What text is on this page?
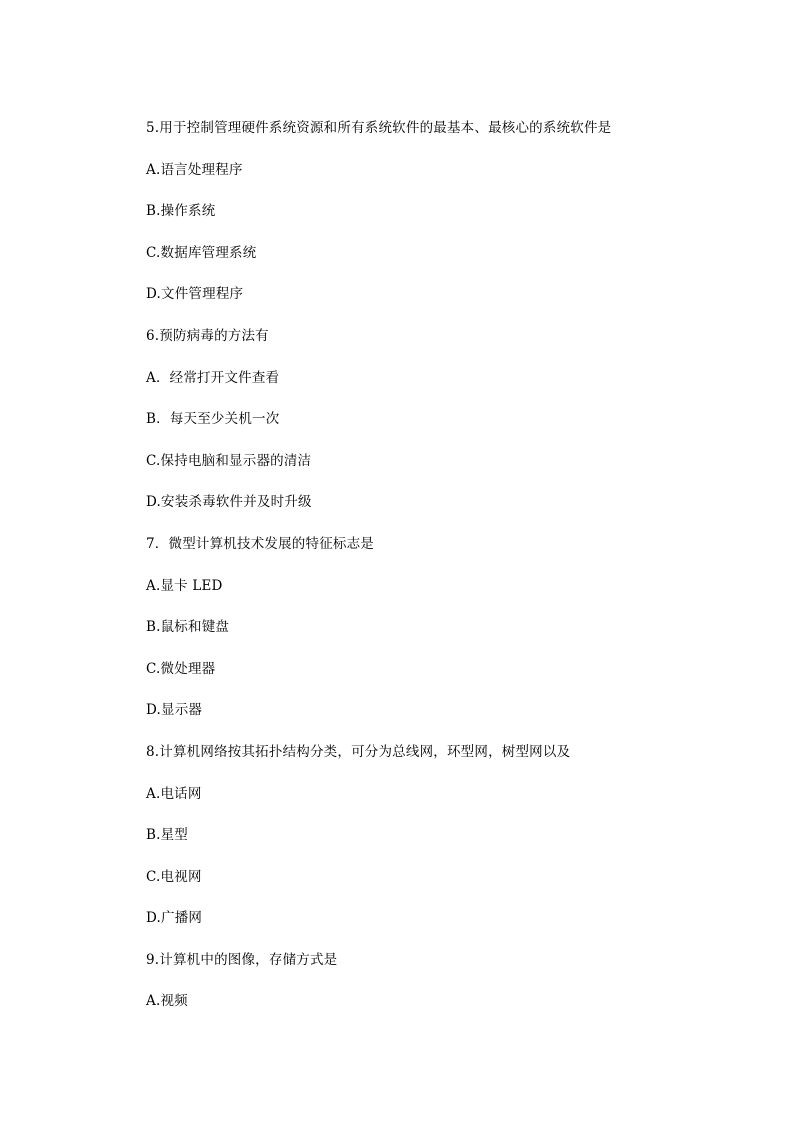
5.用于控制管理硬件系统资源和所有系统软件的最基本、最核心的系统软件是
A.语言处理程序
B.操作系统
C.数据库管理系统
D.文件管理程序
6.预防病毒的方法有
A．经常打开文件查看
B．每天至少关机一次
C.保持电脑和显示器的清洁
D.安装杀毒软件并及时升级
7．微型计算机技术发展的特征标志是
A.显卡 LED
B.鼠标和键盘
C.微处理器
D.显示器
8.计算机网络按其拓扑结构分类，可分为总线网，环型网，树型网以及
A.电话网
B.星型
C.电视网
D.广播网
9.计算机中的图像，存储方式是
A.视频
